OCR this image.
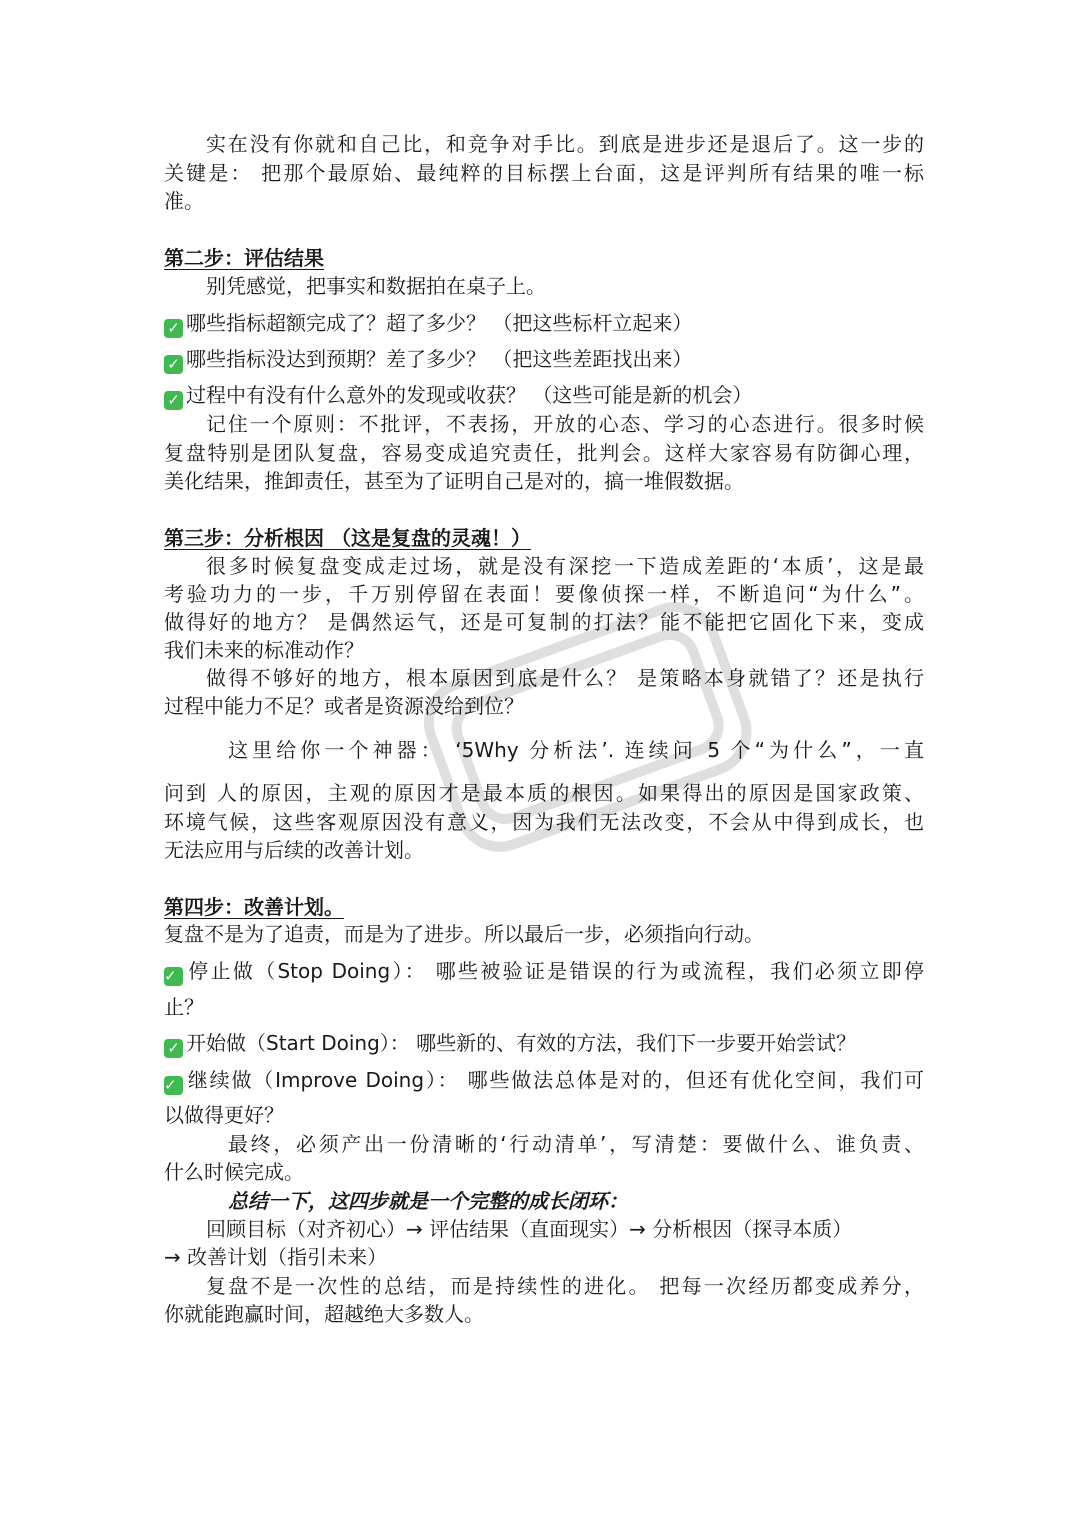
实在没有你就和自己比，和竞争对手比。到底是进步还是退后了。这一步的
关键是： 把那个最原始、最纯粹的目标摆上台面，这是评判所有结果的唯一标
准。
第二步：评估结果
别凭感觉，把事实和数据拍在桌子上。
✓ 哪些指标超额完成了？超了多少？ （把这些标杆立起来）
✓ 哪些指标没达到预期？差了多少？ （把这些差距找出来）
✓ 过程中有没有什么意外的发现或收获？ （这些可能是新的机会）
记住一个原则：不批评，不表扬，开放的心态、学习的心态进行。很多时候
复盘特别是团队复盘，容易变成追究责任，批判会。这样大家容易有防御心理，
美化结果，推卸责任，甚至为了证明自己是对的，搞一堆假数据。
第三步：分析根因 （这是复盘的灵魂！）
很多时候复盘变成走过场，就是没有深挖一下造成差距的‘本质’，这是最
考验功力的一步，千万别停留在表面！要像侦探一样，不断追问“为什么”。
做得好的地方？ 是偶然运气，还是可复制的打法？能不能把它固化下来，变成
我们未来的标准动作？
做得不够好的地方，根本原因到底是什么？ 是策略本身就错了？还是执行
过程中能力不足？或者是资源没给到位？
这里给你一个神器： ‘5Why 分析法’. 连续问 5 个“为什么”，一直
问到 人的原因，主观的原因才是最本质的根因。如果得出的原因是国家政策、
环境气候，这些客观原因没有意义，因为我们无法改变，不会从中得到成长，也
无法应用与后续的改善计划。
第四步：改善计划。
复盘不是为了追责，而是为了进步。所以最后一步，必须指向行动。
✓ 停止做（Stop Doing）： 哪些被验证是错误的行为或流程，我们必须立即停
止？
✓ 开始做（Start Doing）： 哪些新的、有效的方法，我们下一步要开始尝试？
✓ 继续做（Improve Doing）： 哪些做法总体是对的，但还有优化空间，我们可
以做得更好？
最终，必须产出一份清晰的‘行动清单’，写清楚：要做什么、谁负责、
什么时候完成。
总结一下，这四步就是一个完整的成长闭环：
回顾目标（对齐初心）→ 评估结果（直面现实）→ 分析根因（探寻本质）
→ 改善计划（指引未来）
复盘不是一次性的总结，而是持续性的进化。 把每一次经历都变成养分，
你就能跑赢时间，超越绝大多数人。
